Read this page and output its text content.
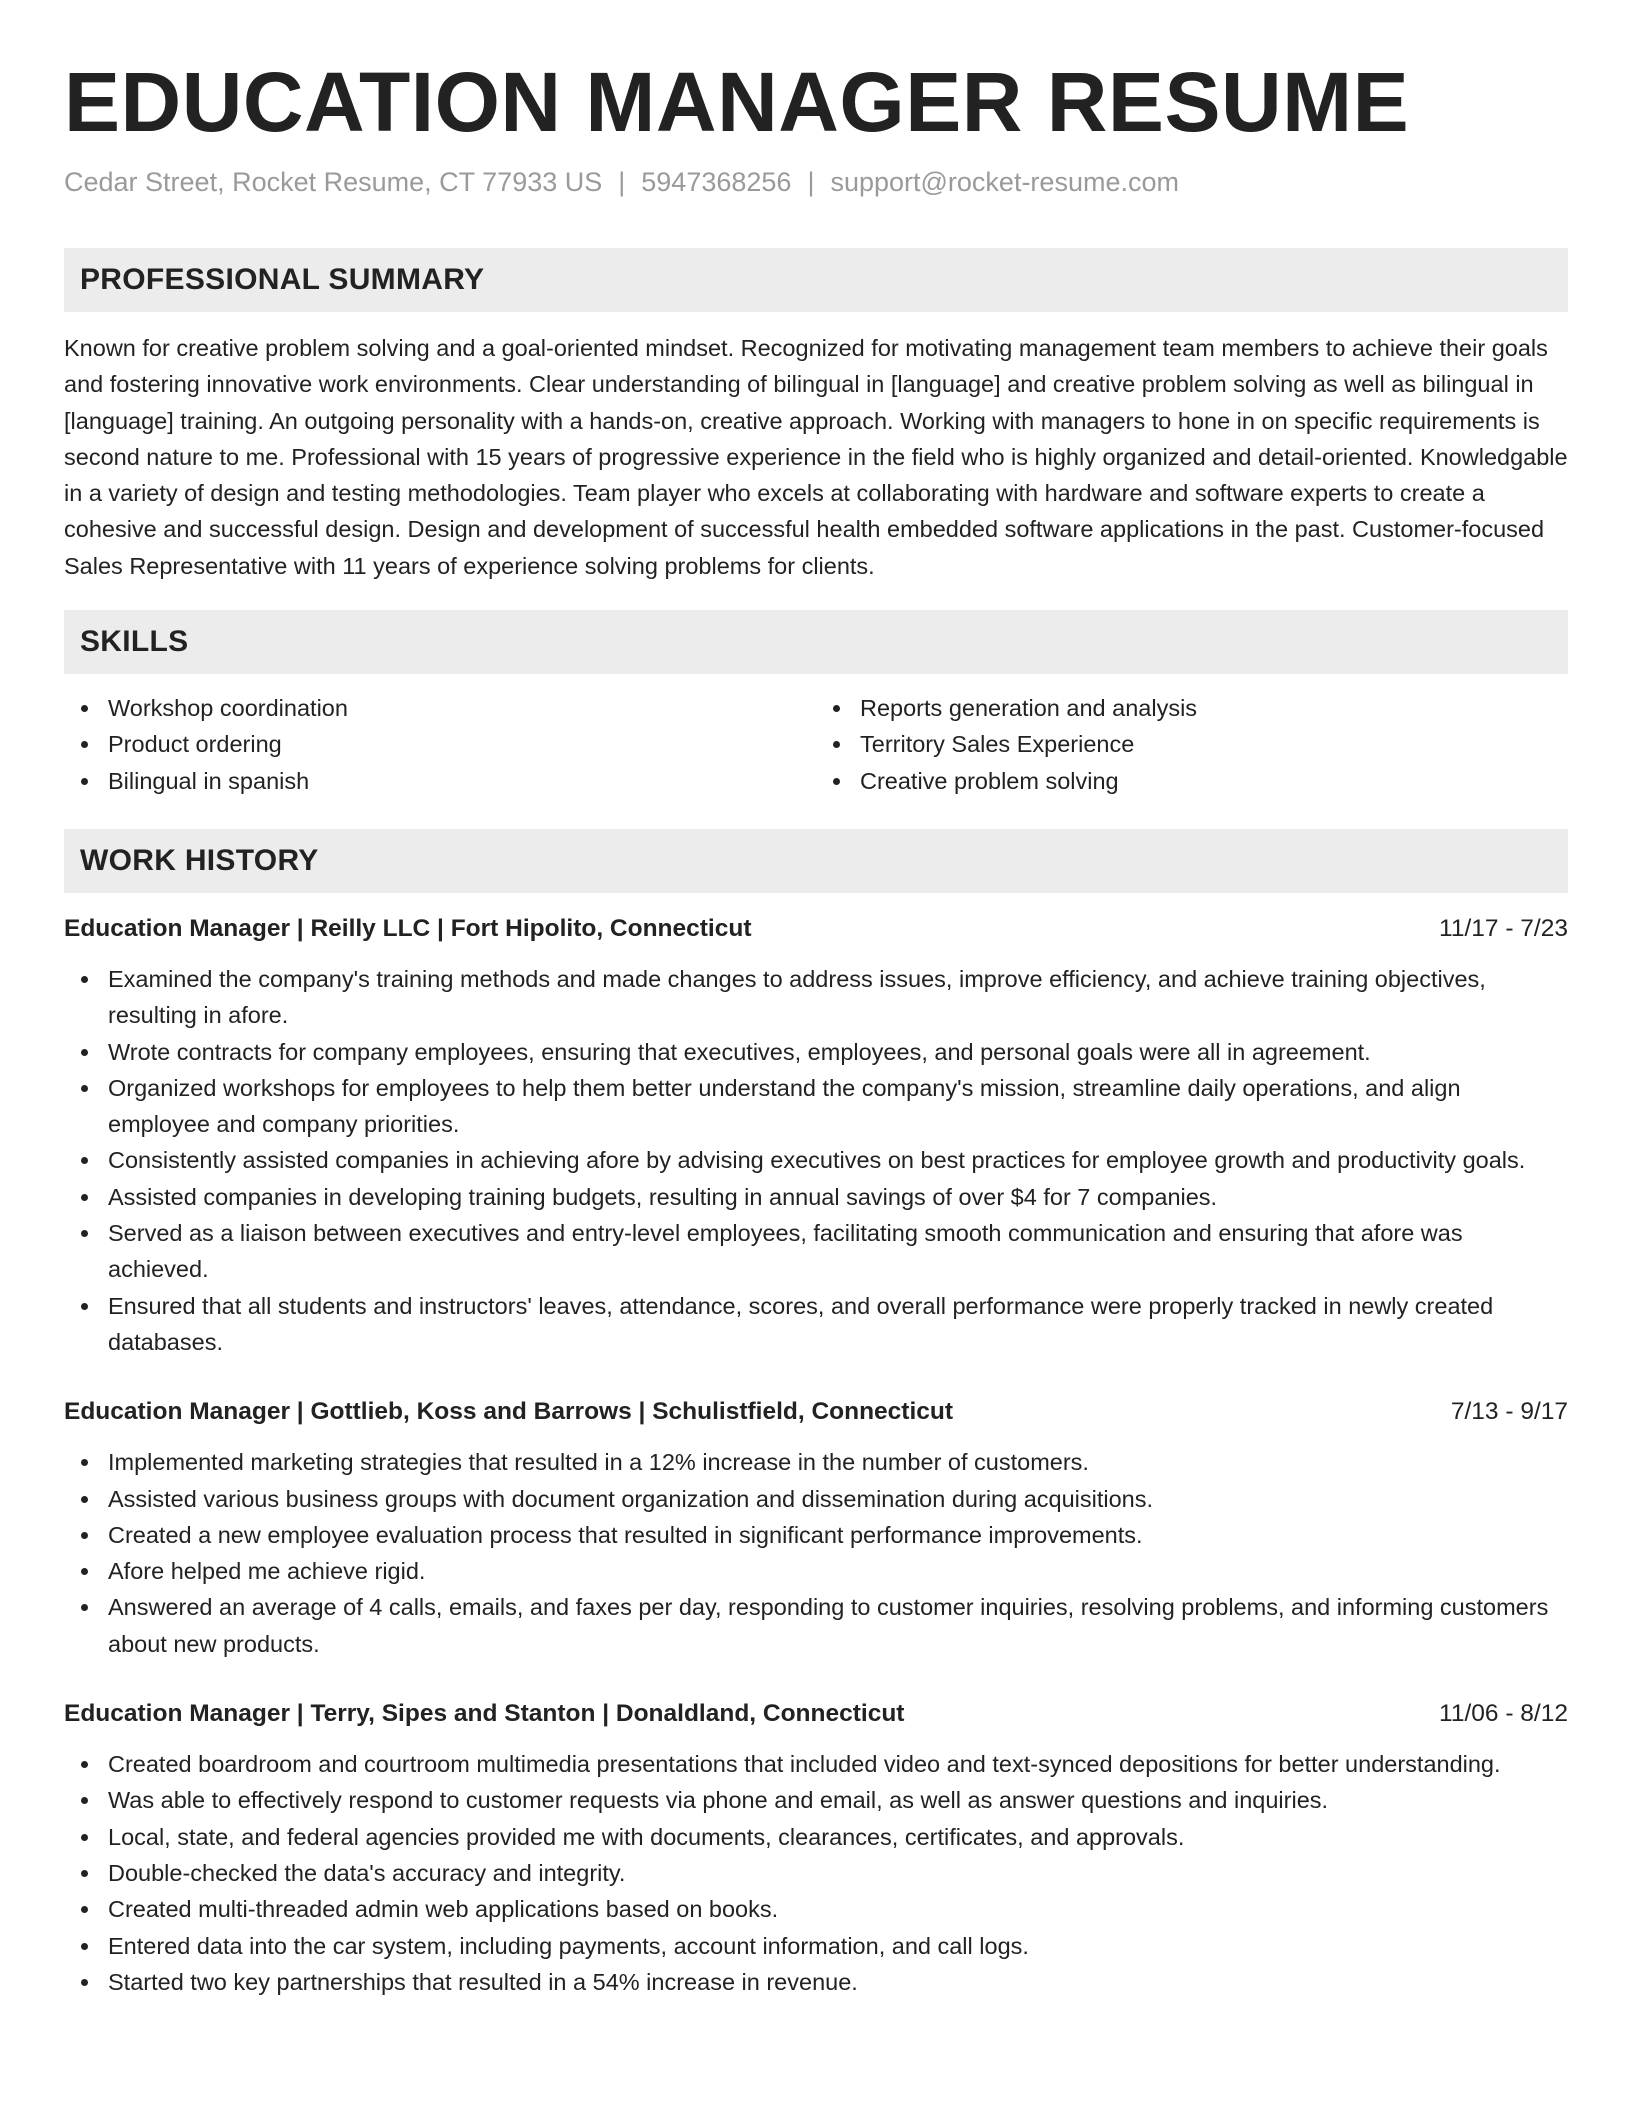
EDUCATION MANAGER RESUME
Cedar Street, Rocket Resume, CT 77933 US | 5947368256 | support@rocket-resume.com
PROFESSIONAL SUMMARY

Known for creative problem solving and a goal-oriented mindset. Recognized for motivating management team members to achieve their goals and fostering innovative work environments. Clear understanding of bilingual in [language] and creative problem solving as well as bilingual in [language] training. An outgoing personality with a hands-on, creative approach. Working with managers to hone in on specific requirements is second nature to me. Professional with 15 years of progressive experience in the field who is highly organized and detail-oriented. Knowledgable in a variety of design and testing methodologies. Team player who excels at collaborating with hardware and software experts to create a cohesive and successful design. Design and development of successful health embedded software applications in the past. Customer-focused Sales Representative with 11 years of experience solving problems for clients.

SKILLS
Workshop coordination
Product ordering
Bilingual in spanish
Reports generation and analysis
Territory Sales Experience
Creative problem solving
WORK HISTORY
Education Manager | Reilly LLC | Fort Hipolito, Connecticut	11/17 - 7/23
Examined the company's training methods and made changes to address issues, improve efficiency, and achieve training objectives, resulting in afore.
Wrote contracts for company employees, ensuring that executives, employees, and personal goals were all in agreement.
Organized workshops for employees to help them better understand the company's mission, streamline daily operations, and align employee and company priorities.
Consistently assisted companies in achieving afore by advising executives on best practices for employee growth and productivity goals.
Assisted companies in developing training budgets, resulting in annual savings of over $4 for 7 companies.
Served as a liaison between executives and entry-level employees, facilitating smooth communication and ensuring that afore was achieved.
Ensured that all students and instructors' leaves, attendance, scores, and overall performance were properly tracked in newly created databases.
Education Manager | Gottlieb, Koss and Barrows | Schulistfield, Connecticut	7/13 - 9/17
Implemented marketing strategies that resulted in a 12% increase in the number of customers.
Assisted various business groups with document organization and dissemination during acquisitions.
Created a new employee evaluation process that resulted in significant performance improvements.
Afore helped me achieve rigid.
Answered an average of 4 calls, emails, and faxes per day, responding to customer inquiries, resolving problems, and informing customers about new products.
Education Manager | Terry, Sipes and Stanton | Donaldland, Connecticut	11/06 - 8/12
Created boardroom and courtroom multimedia presentations that included video and text-synced depositions for better understanding.
Was able to effectively respond to customer requests via phone and email, as well as answer questions and inquiries.
Local, state, and federal agencies provided me with documents, clearances, certificates, and approvals.
Double-checked the data's accuracy and integrity.
Created multi-threaded admin web applications based on books.
Entered data into the car system, including payments, account information, and call logs.
Started two key partnerships that resulted in a 54% increase in revenue.
